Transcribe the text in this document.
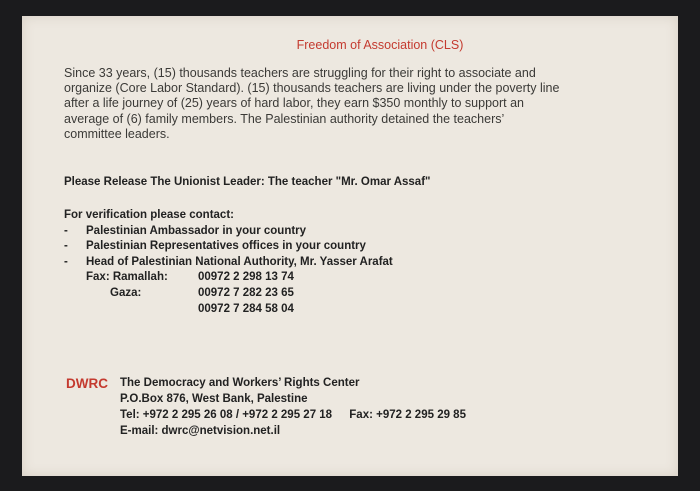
Freedom of Association (CLS)

Since 33 years, (15) thousands teachers are struggling for their right to associate and organize (Core Labor Standard). (15) thousands teachers are living under the poverty line after a life journey of (25) years of hard labor, they earn $350 monthly to support an average of (6) family members. The Palestinian authority detained the teachers’ committee leaders.

Please Release The Unionist Leader: The teacher "Mr. Omar Assaf"
For verification please contact:
- Palestinian Ambassador in your country
- Palestinian Representatives offices in your country
- Head of Palestinian National Authority, Mr. Yasser Arafat
Fax: Ramallah:	00972 2 298 13 74
Gaza:	00972 7 282 23 65
00972 7 284 58 04
DWRC The Democracy and Workers’ Rights Center
P.O.Box 876, West Bank, Palestine
Tel: +972 2 295 26 08 / +972 2 295 27 18 Fax: +972 2 295 29 85
E-mail: dwrc@netvision.net.il
